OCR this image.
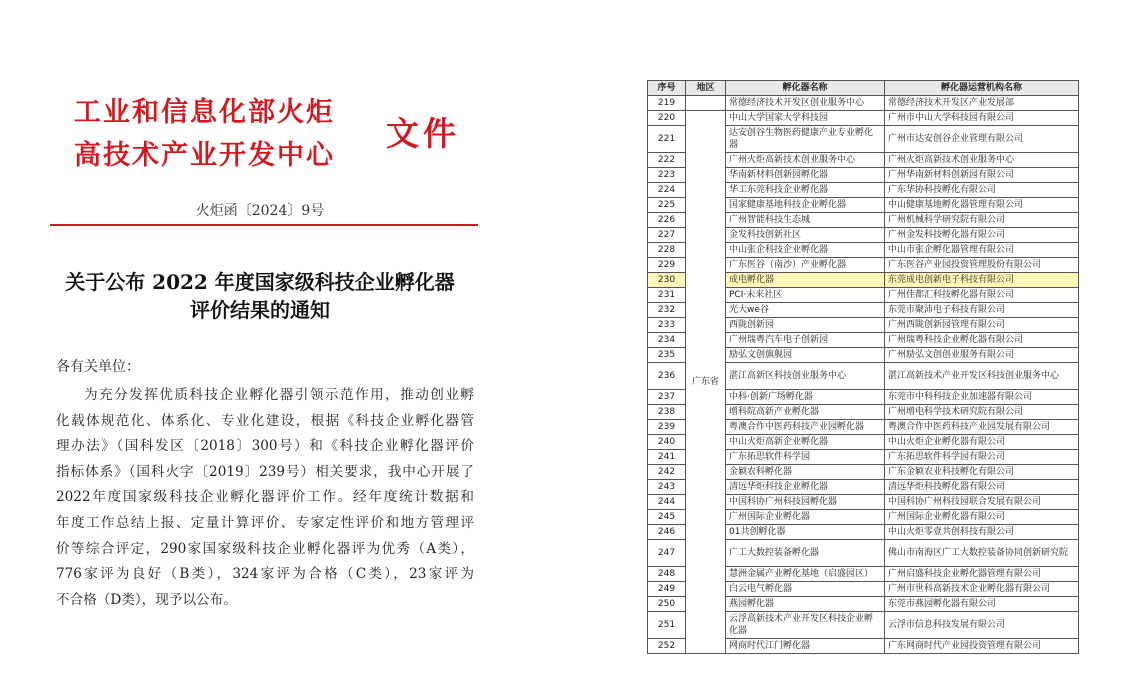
工业和信息化部火炬
高技术产业开发中心
文件
火炬函〔2024〕9号
关于公布 2022 年度国家级科技企业孵化器
评价结果的通知
各有关单位：
为充分发挥优质科技企业孵化器引领示范作用，推动创业孵
化载体规范化、体系化、专业化建设，根据《科技企业孵化器管
理办法》（国科发区〔2018〕300号）和《科技企业孵化器评价
指标体系》（国科火字〔2019〕239号）相关要求，我中心开展了
2022年度国家级科技企业孵化器评价工作。经年度统计数据和
年度工作总结上报、定量计算评价、专家定性评价和地方管理评
价等综合评定，290家国家级科技企业孵化器评为优秀（A类），
776家评为良好（B类），324家评为合格（C类），23家评为
不合格（D类），现予以公布。
序号	地区	孵化器名称	孵化器运营机构名称
219		常德经济技术开发区创业服务中心	常德经济技术开发区产业发展部
220	广东省	中山大学国家大学科技园	广州市中山大学科技园有限公司
221		达安创谷生物医药健康产业专业孵化器	广州市达安创谷企业管理有限公司
222		广州火炬高新技术创业服务中心	广州火炬高新技术创业服务中心
223		华南新材料创新园孵化器	广州华南新材料创新园有限公司
224		华工东莞科技企业孵化器	广东华协科技孵化有限公司
225		国家健康基地科技企业孵化器	中山健康基地孵化器管理有限公司
226		广州智能科技生态城	广州机械科学研究院有限公司
227		金发科技创新社区	广州金发科技孵化器有限公司
228		中山张企科技企业孵化器	中山市张企孵化器管理有限公司
229		广东医谷（南沙）产业孵化器	广东医谷产业园投资管理股份有限公司
230		成电孵化器	东莞成电创新电子科技有限公司
231		PCI·未来社区	广州佳都汇科技孵化器有限公司
232		光大we谷	东莞市聚沛电子科技有限公司
233		西陇创新园	广州西陇创新园管理有限公司
234		广州瑞粤汽车电子创新园	广州瑞粤科技企业孵化器有限公司
235		励弘文创旗舰园	广州励弘文创创业服务有限公司
236		湛江高新区科技创业服务中心	湛江高新技术产业开发区科技创业服务中心
237		中科·创新广场孵化器	东莞市中科科技企业加速器有限公司
238		增科院高新产业孵化器	广州增电科学技术研究院有限公司
239		粤澳合作中医药科技产业园孵化器	粤澳合作中医药科技产业园发展有限公司
240		中山火炬高新企业孵化器	中山火炬企业孵化器有限公司
241		广东拓思软件科学园	广东拓思软件科学园有限公司
242		金颖农科孵化器	广东金颖农业科技孵化有限公司
243		清远华炬科技企业孵化器	清远华炬科技孵化器有限公司
244		中国科协广州科技园孵化器	中国科协广州科技园联合发展有限公司
245		广州国际企业孵化器	广州国际企业孵化器有限公司
246		01共创孵化器	中山火炬零壹共创科技有限公司
247		广工大数控装备孵化器	佛山市南海区广工大数控装备协同创新研究院
248		慧洲金属产业孵化基地（启盛园区）	广州启盛科技企业孵化器管理有限公司
249		白云电气孵化器	广州市世科高新技术企业孵化器有限公司
250		燕园孵化器	东莞市燕园孵化器有限公司
251		云浮高新技术产业开发区科技企业孵化器	云浮市信息科技发展有限公司
252		网商时代江门孵化器	广东网商时代产业园投资管理有限公司
